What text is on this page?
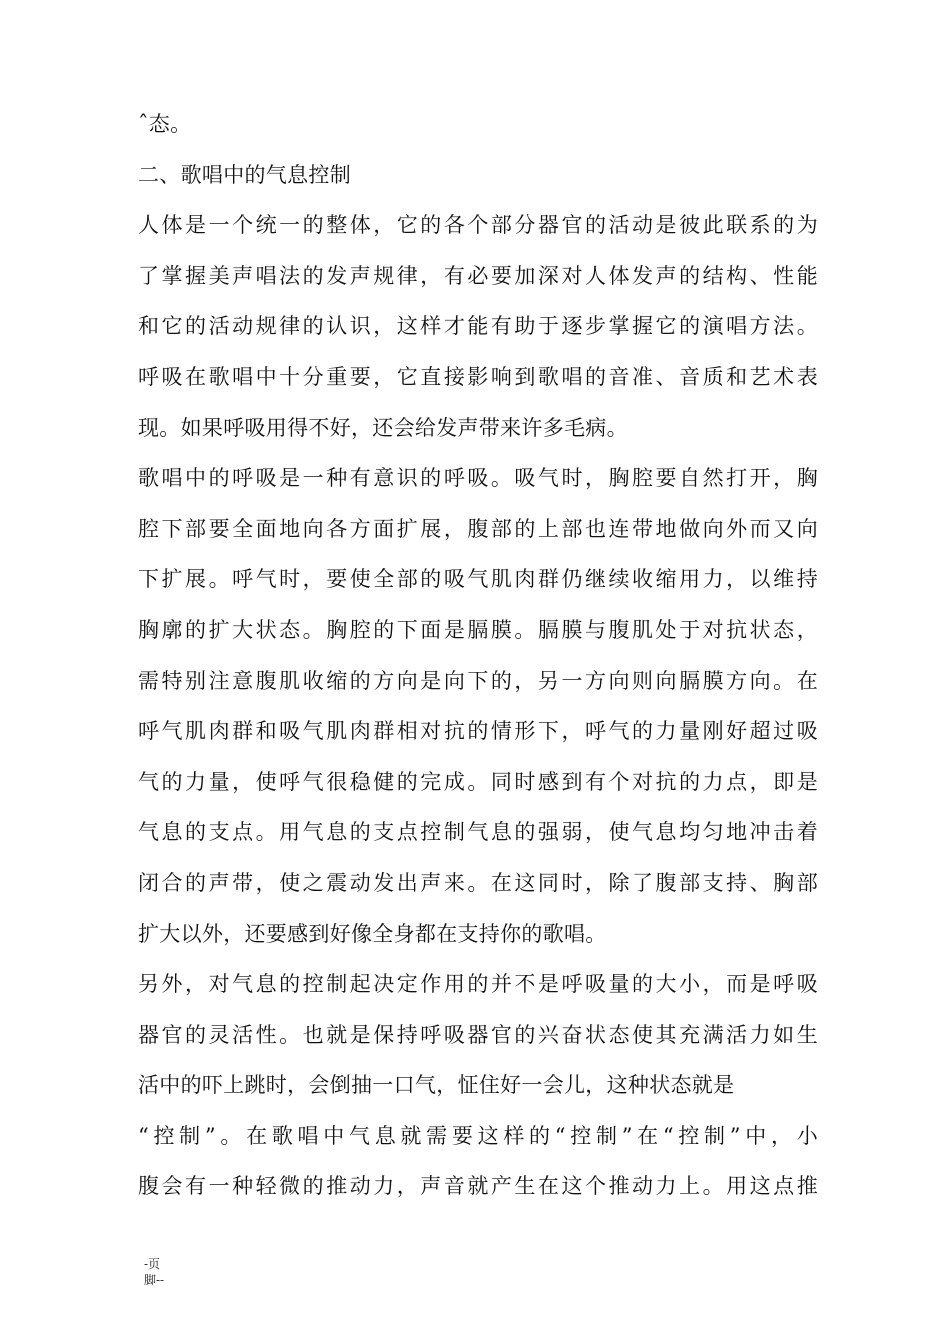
ˆ态。
二、歌唱中的气息控制
人体是一个统一的整体，它的各个部分器官的活动是彼此联系的为
了掌握美声唱法的发声规律，有必要加深对人体发声的结构、性能
和它的活动规律的认识，这样才能有助于逐步掌握它的演唱方法。
呼吸在歌唱中十分重要，它直接影响到歌唱的音准、音质和艺术表
现。如果呼吸用得不好，还会给发声带来许多毛病。
歌唱中的呼吸是一种有意识的呼吸。吸气时，胸腔要自然打开，胸
腔下部要全面地向各方面扩展，腹部的上部也连带地做向外而又向
下扩展。呼气时，要使全部的吸气肌肉群仍继续收缩用力，以维持
胸廓的扩大状态。胸腔的下面是膈膜。膈膜与腹肌处于对抗状态，
需特别注意腹肌收缩的方向是向下的，另一方向则向膈膜方向。在
呼气肌肉群和吸气肌肉群相对抗的情形下，呼气的力量刚好超过吸
气的力量，使呼气很稳健的完成。同时感到有个对抗的力点，即是
气息的支点。用气息的支点控制气息的强弱，使气息均匀地冲击着
闭合的声带，使之震动发出声来。在这同时，除了腹部支持、胸部
扩大以外，还要感到好像全身都在支持你的歌唱。
另外，对气息的控制起决定作用的并不是呼吸量的大小，而是呼吸
器官的灵活性。也就是保持呼吸器官的兴奋状态使其充满活力如生
活中的吓上跳时，会倒抽一口气，怔住好一会儿，这种状态就是
“控制”。在歌唱中气息就需要这样的“控制”在“控制”中，小
腹会有一种轻微的推动力，声音就产生在这个推动力上。用这点推
-页
脚--
